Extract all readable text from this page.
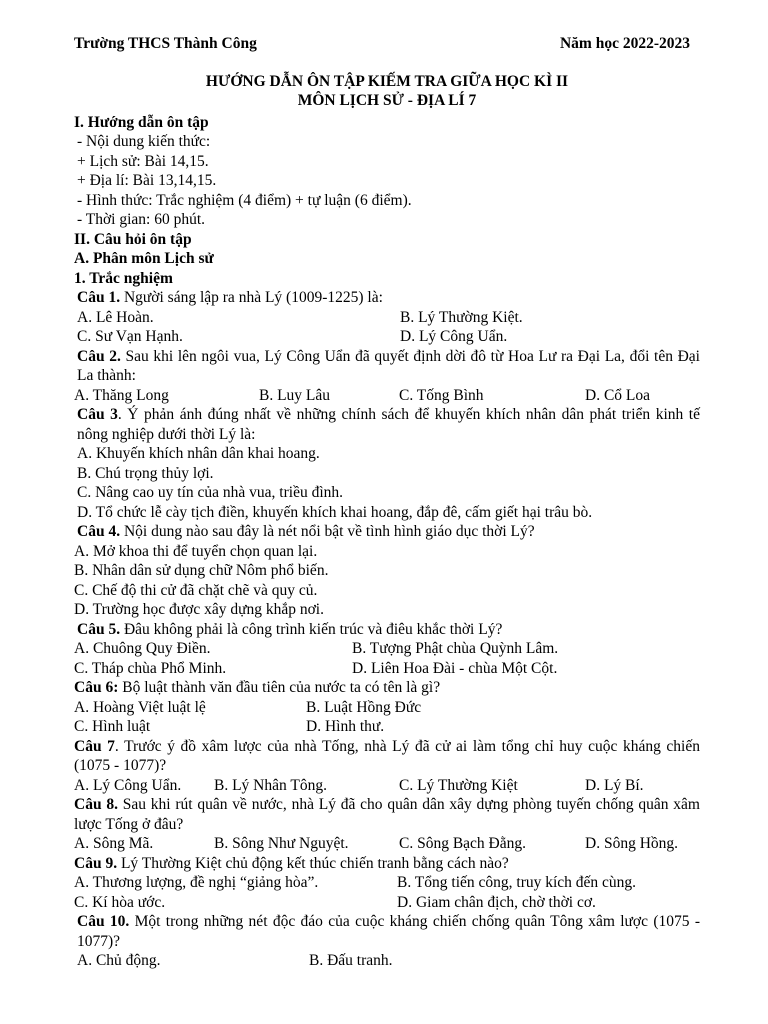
Trường THCS Thành Công	Năm học 2022-2023
HƯỚNG DẪN ÔN TẬP KIẾM TRA GIỮA HỌC KÌ II
MÔN LỊCH SỬ - ĐỊA LÍ 7
I. Hướng dẫn ôn tập
- Nội dung kiến thức:
+ Lịch sử: Bài 14,15.
+ Địa lí: Bài 13,14,15.
- Hình thức: Trắc nghiệm (4 điểm) + tự luận (6 điểm).
- Thời gian: 60 phút.
II. Câu hỏi ôn tập
A. Phân môn Lịch sử
1. Trắc nghiệm
Câu 1. Người sáng lập ra nhà Lý (1009-1225) là:
A. Lê Hoàn.	B. Lý Thường Kiệt.
C. Sư Vạn Hạnh.	D. Lý Công Uẩn.
Câu 2. Sau khi lên ngôi vua, Lý Công Uẩn đã quyết định dời đô từ Hoa Lư ra Đại La, đổi tên Đại La thành:
A. Thăng Long	B. Luy Lâu	C. Tống Bình	D. Cổ Loa
Câu 3. Ý phản ánh đúng nhất về những chính sách để khuyến khích nhân dân phát triển kinh tế nông nghiệp dưới thời Lý là:
A. Khuyến khích nhân dân khai hoang.
B. Chú trọng thủy lợi.
C. Nâng cao uy tín của nhà vua, triều đình.
D. Tổ chức lễ cày tịch điền, khuyến khích khai hoang, đắp đê, cấm giết hại trâu bò.
Câu 4. Nội dung nào sau đây là nét nổi bật về tình hình giáo dục thời Lý?
A. Mở khoa thi để tuyển chọn quan lại.
B. Nhân dân sử dụng chữ Nôm phổ biến.
C. Chế độ thi cử đã chặt chẽ và quy củ.
D. Trường học được xây dựng khắp nơi.
Câu 5. Đâu không phải là công trình kiến trúc và điêu khắc thời Lý?
A. Chuông Quy Điền.	B. Tượng Phật chùa Quỳnh Lâm.
C. Tháp chùa Phổ Minh.	D. Liên Hoa Đài - chùa Một Cột.
Câu 6: Bộ luật thành văn đầu tiên của nước ta có tên là gì?
A. Hoàng Việt luật lệ	B. Luật Hồng Đức
C. Hình luật	D. Hình thư.
Câu 7. Trước ý đồ xâm lược của nhà Tống, nhà Lý đã cử ai làm tổng chỉ huy cuộc kháng chiến (1075 - 1077)?
A. Lý Công Uẩn.	B. Lý Nhân Tông.	C. Lý Thường Kiệt	D. Lý Bí.
Câu 8. Sau khi rút quân về nước, nhà Lý đã cho quân dân xây dựng phòng tuyến chống quân xâm lược Tống ở đâu?
A. Sông Mã.	B. Sông Như Nguyệt.	C. Sông Bạch Đằng.	D. Sông Hồng.
Câu 9. Lý Thường Kiệt chủ động kết thúc chiến tranh bằng cách nào?
A. Thương lượng, đề nghị “giảng hòa”.	B. Tổng tiến công, truy kích đến cùng.
C. Kí hòa ước.	D. Giam chân địch, chờ thời cơ.
Câu 10. Một trong những nét độc đáo của cuộc kháng chiến chống quân Tông xâm lược (1075 - 1077)?
A. Chủ động.	B. Đấu tranh.
